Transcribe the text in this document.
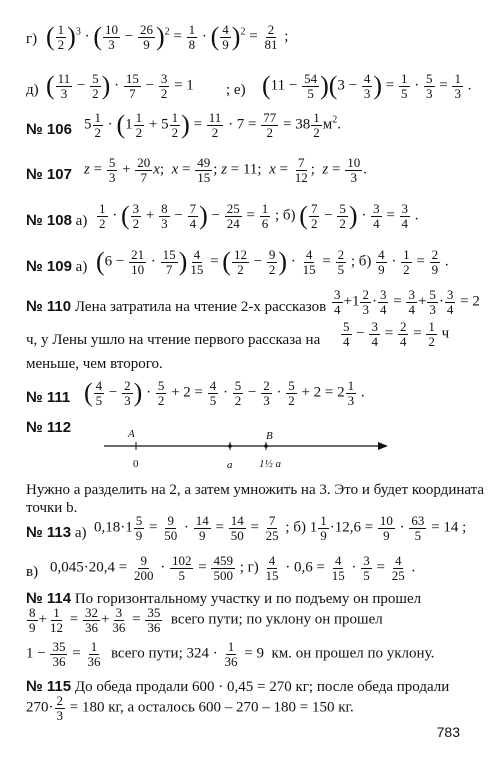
г) ( $\frac{1}{2} )^3$ · ( $\frac{10}{3} - \frac{26}{9} )^2 = \frac{1}{8}$ · ( $\frac{4}{9} )^2 = \frac{2}{81}$ ;
д) ( $\frac{11}{3} - \frac{5}{2}$ ) · $\frac{15}{7} - \frac{3}{2} = 1$ ; е) $(11 - \frac{54}{5} )(3 - \frac{4}{3}$ ) = $\frac{1}{5} \cdot \frac{5}{3} = \frac{1}{3}$ .
№ 106 $5 \frac{1}{2} \cdot (1 \frac{1}{2} + 5 \frac{1}{2}$ ) = $\frac{11}{2} \cdot 7 = \frac{77}{2} = 38 \frac{1}{2} м^2$.
№ 107 $z = \frac{5}{3} + \frac{20}{7} x$;  $x = \frac{49}{15}$ ; z = 11;  $x = \frac{7}{12}$ ;  $z = \frac{10}{3}$ .
№ 108 $а) \frac{1}{2}$ · ( $\frac{3}{2} + \frac{8}{3} - \frac{7}{4}$ ) − $\frac{25}{24} = \frac{1}{6}$ ; б) ( $\frac{7}{2} - \frac{5}{2}$ ) · $\frac{3}{4} = \frac{3}{4}$ .
№ 109 а) ($6 - \frac{21}{10} \cdot \frac{15}{7}$ ) $\frac{4}{15}$ = ( $\frac{12}{2} - \frac{9}{2}$ ) · $\frac{4}{15} = \frac{2}{5}$ ; $б) \frac{4}{9} \cdot \frac{1}{2} = \frac{2}{9}$ .
№ 110 Лена затратила на чтение 2-х рассказов $\frac{3}{4} +1 \frac{2}{3} \cdot \frac{3}{4} = \frac{3}{4} + \frac{5}{3} \cdot \frac{3}{4} = 2$
ч, у Лены ушло на чтение первого рассказа на $\frac{5}{4} - \frac{3}{4} = \frac{2}{4} = \frac{1}{2}$ ч
меньше, чем второго.
№ 111 ( $\frac{4}{5} - \frac{2}{3}$ ) · $\frac{5}{2} + 2 = \frac{4}{5} \cdot \frac{5}{2} - \frac{2}{3} \cdot \frac{5}{2} + 2 = 2 \frac{1}{3}$ .
№ 112	A	B
0	a 1½ a
Нужно a разделить на 2, а затем умножить на 3. Это и будет координата
точки b.
№ 113 а) $0,18\cdot 1 \frac{5}{9} = \frac{9}{50} \cdot \frac{14}{9} = \frac{14}{50} = \frac{7}{25}$ ; б) $1 \frac{1}{9} \cdot 12,6 = \frac{10}{9} \cdot \frac{63}{5} = 14$ ;
в) $0,045\cdot 20,4 = \frac{9}{200} \cdot \frac{102}{5} = \frac{459}{500}$ ; $г) \frac{4}{15} \cdot 0,6 = \frac{4}{15} \cdot \frac{3}{5} = \frac{4}{25}$ .
№ 114 По горизонтальному участку и по подъему он прошел
$\frac{8}{9} + \frac{1}{12} = \frac{32}{36} + \frac{3}{36} = \frac{35}{36}$ всего пути; по уклону он прошел
$1 - \frac{35}{36} = \frac{1}{36}$ всего пути; $324 \cdot \frac{1}{36} = 9$  км. он прошел по уклону.
№ 115 До обеда продали 600 · 0,45 = 270 кг; после обеда продали
$270\cdot \frac{2}{3} = 180$ кг, а осталось 600 – 270 – 180 = 150 кг.
783
